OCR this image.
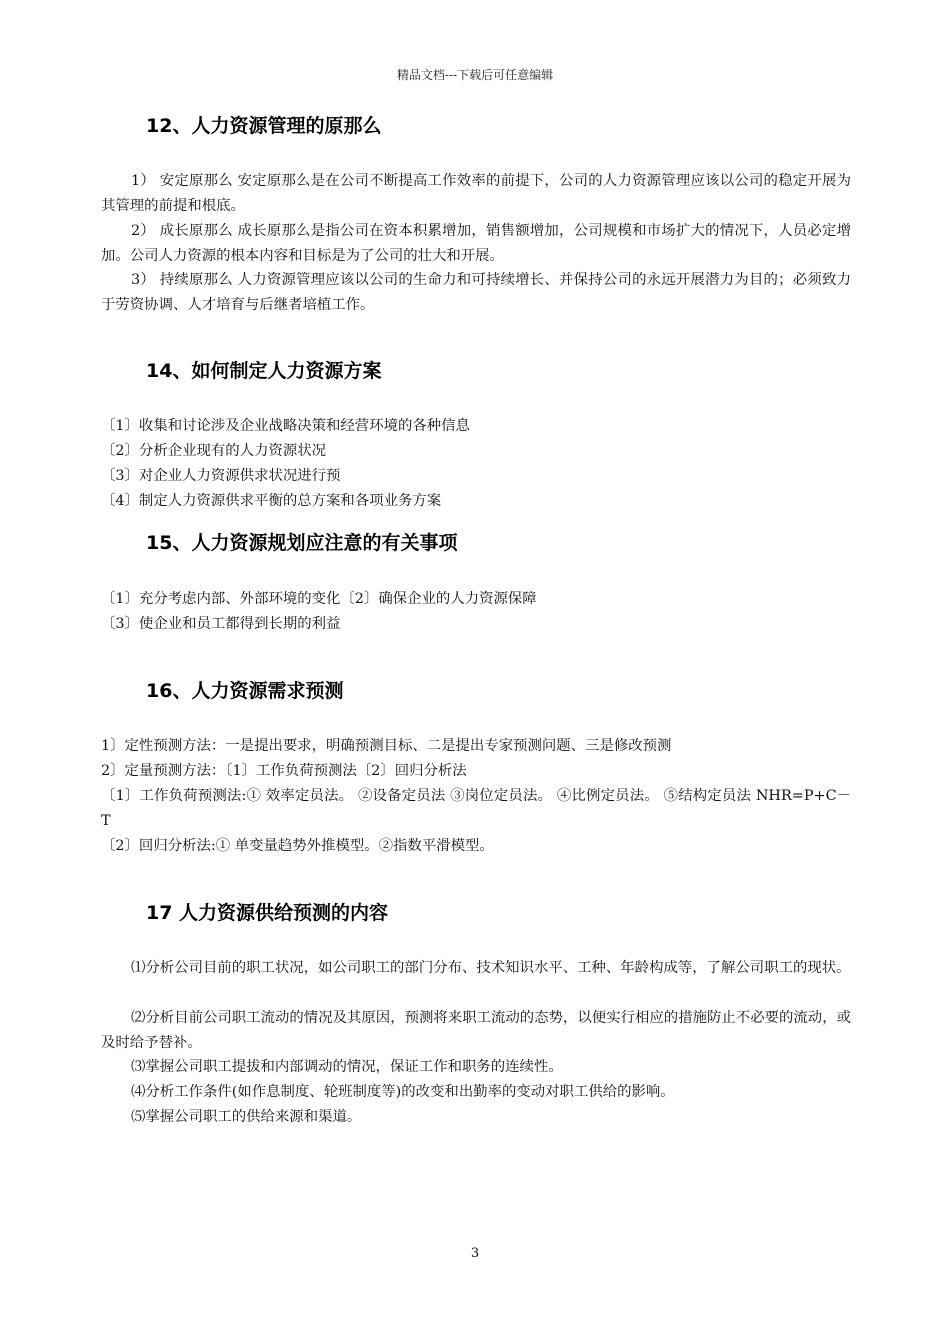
精品文档---下载后可任意编辑
12、人力资源管理的原那么

1） 安定原那么 安定原那么是在公司不断提高工作效率的前提下，公司的人力资源管理应该以公司的稳定开展为其管理的前提和根底。

2） 成长原那么 成长原那么是指公司在资本积累增加，销售额增加，公司规模和市场扩大的情况下，人员必定增加。公司人力资源的根本内容和目标是为了公司的壮大和开展。

3） 持续原那么 人力资源管理应该以公司的生命力和可持续增长、并保持公司的永远开展潜力为目的；必须致力于劳资协调、人才培育与后继者培植工作。

14、如何制定人力资源方案
〔1〕收集和讨论涉及企业战略决策和经营环境的各种信息
〔2〕分析企业现有的人力资源状况
〔3〕对企业人力资源供求状况进行预
〔4〕制定人力资源供求平衡的总方案和各项业务方案
15、人力资源规划应注意的有关事项
〔1〕充分考虑内部、外部环境的变化〔2〕确保企业的人力资源保障
〔3〕使企业和员工都得到长期的利益
16、人力资源需求预测
1〕定性预测方法：一是提出要求，明确预测目标、二是提出专家预测问题、三是修改预测
2〕定量预测方法：〔1〕工作负荷预测法〔2〕回归分析法

〔1〕工作负荷预测法:① 效率定员法。 ②设备定员法 ③岗位定员法。 ④比例定员法。 ⑤结构定员法 NHR=P+C－T

〔2〕回归分析法:① 单变量趋势外推模型。②指数平滑模型。
17 人力资源供给预测的内容

⑴分析公司目前的职工状况，如公司职工的部门分布、技术知识水平、工种、年龄构成等，了解公司职工的现状。

⑵分析目前公司职工流动的情况及其原因，预测将来职工流动的态势，以便实行相应的措施防止不必要的流动，或及时给予替补。

⑶掌握公司职工提拔和内部调动的情况，保证工作和职务的连续性。
⑷分析工作条件(如作息制度、轮班制度等)的改变和出勤率的变动对职工供给的影响。
⑸掌握公司职工的供给来源和渠道。
3
